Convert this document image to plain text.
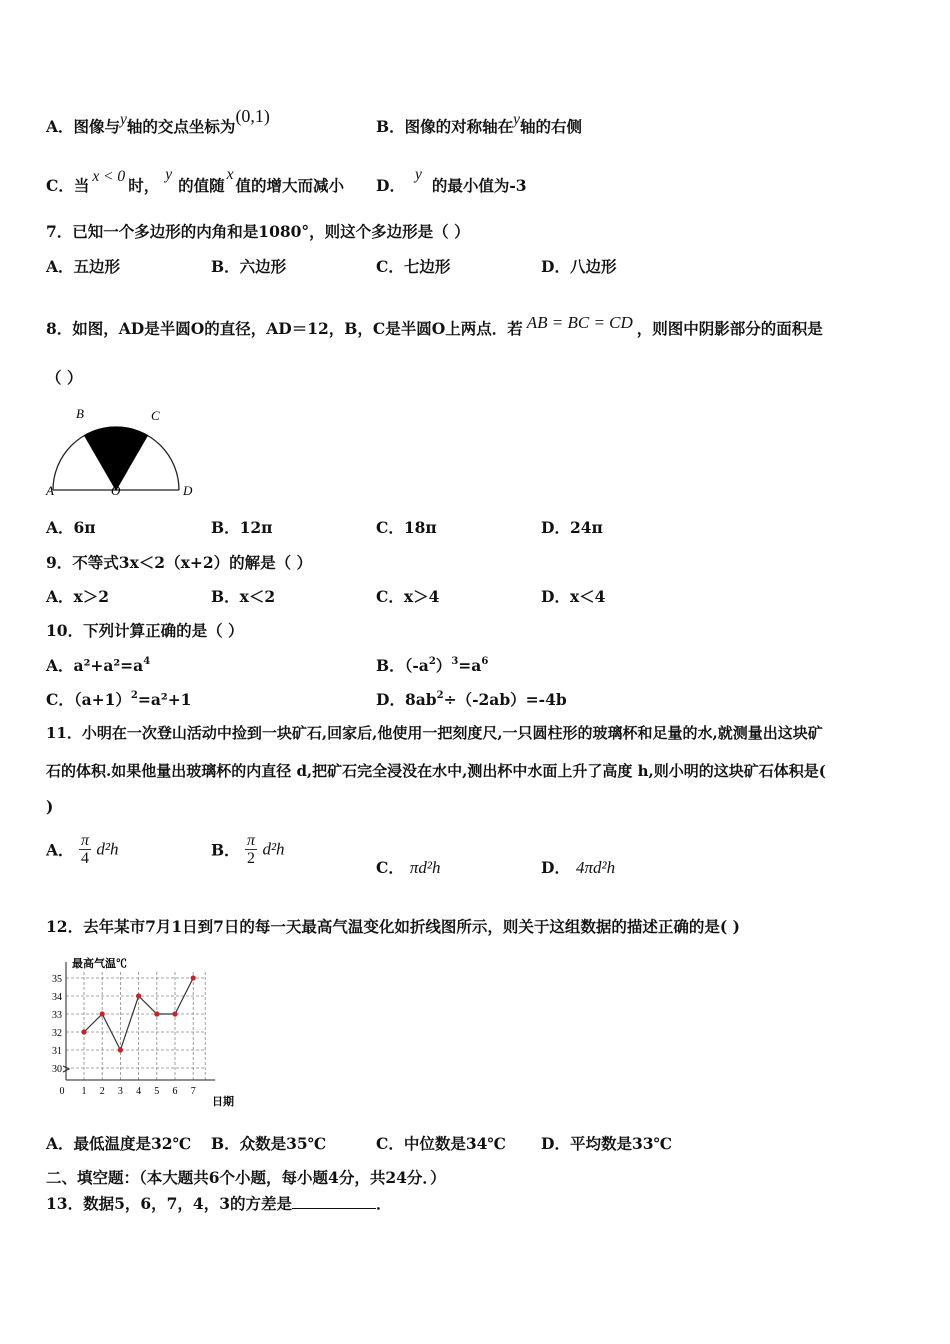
A．图像与y轴的交点坐标为(0,1)
B．图像的对称轴在y轴的右侧
C．当 x < 0 时，y的值随x值的增大而减小 D．y的最小值为-3
7．已知一个多边形的内角和是1080°，则这个多边形是（ ）
A．五边形	B．六边形	C．七边形	D．八边形
8．如图，AD是半圆O的直径，AD＝12，B，C是半圆O上两点．若 AB = BC = CD ，则图中阴影部分的面积是
（ ）
A
B	C
D
O
A．6π	B．12π	C．18π	D．24π
9．不等式3x＜2（x+2）的解是（ ）
A．x＞2	B．x＜2	C．x＞4	D．x＜4
10．下列计算正确的是（ ）
A．$a^2+a^2=a^4$	B．$(-a^2)^3=a^6$
C．$(a+1)^2=a^2+1$	D．$8ab^2\div(-2ab)=-4b$
11．小明在一次登山活动中捡到一块矿石,回家后,他使用一把刻度尺,一只圆柱形的玻璃杯和足量的水,就测量出这块矿
石的体积.如果他量出玻璃杯的内直径 d,把矿石完全浸没在水中,测出杯中水面上升了高度 h,则小明的这块矿石体积是(
)
A． $\frac{\pi}{4} d^2h$	B． $\frac{\pi}{2} d^2h$
C． πd²h	D． 4πd²h
12．去年某市7月1日到7日的每一天最高气温变化如折线图所示，则关于这组数据的描述正确的是( )
30
31
32
33
34
35
0 1 2 3 4 5 6 7
最高气温℃
日期
A．最低温度是32℃ B．众数是35℃	C．中位数是34℃ D．平均数是33℃
二、填空题：（本大题共6个小题，每小题4分，共24分．）
13．数据5，6，7，4，3的方差是	．
